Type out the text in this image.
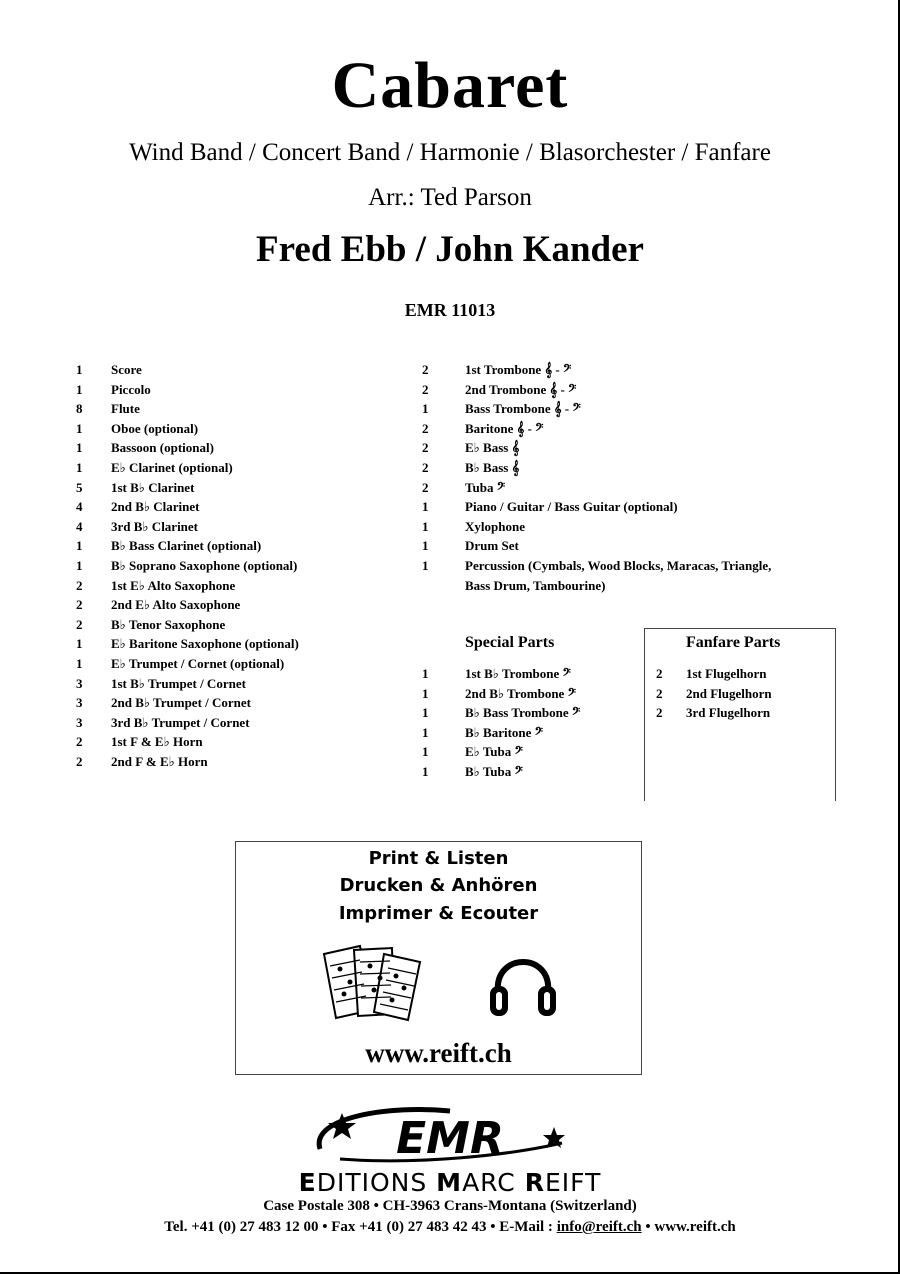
Cabaret
Wind Band / Concert Band / Harmonie / Blasorchester / Fanfare
Arr.: Ted Parson
Fred Ebb / John Kander
EMR 11013
1 Score
1 Piccolo
8 Flute
1 Oboe (optional)
1 Bassoon (optional)
1 E♭ Clarinet (optional)
5 1st B♭ Clarinet
4 2nd B♭ Clarinet
4 3rd B♭ Clarinet
1 B♭ Bass Clarinet (optional)
1 B♭ Soprano Saxophone (optional)
2 1st E♭ Alto Saxophone
2 2nd E♭ Alto Saxophone
2 B♭ Tenor Saxophone
1 E♭ Baritone Saxophone (optional)
1 E♭ Trumpet / Cornet (optional)
3 1st B♭ Trumpet / Cornet
3 2nd B♭ Trumpet / Cornet
3 3rd B♭ Trumpet / Cornet
2 1st F & E♭ Horn
2 2nd F & E♭ Horn
2	1st Trombone 𝄞 - 𝄢
2	2nd Trombone 𝄞 - 𝄢
1	Bass Trombone 𝄞 - 𝄢
2	Baritone 𝄞 - 𝄢
2	E♭ Bass 𝄞
2	B♭ Bass 𝄞
2	Tuba 𝄢
1	Piano / Guitar / Bass Guitar (optional)
1	Xylophone
1	Drum Set
1	Percussion (Cymbals, Wood Blocks, Maracas, Triangle, Bass Drum, Tambourine)
Special Parts
1	1st B♭ Trombone 𝄢
1	2nd B♭ Trombone 𝄢
1	B♭ Bass Trombone 𝄢
1	B♭ Baritone 𝄢
1	E♭ Tuba 𝄢
1	B♭ Tuba 𝄢
Fanfare Parts
2 1st Flugelhorn
2 2nd Flugelhorn
2 3rd Flugelhorn
Print & Listen
Drucken & Anhören
Imprimer & Ecouter
www.reift.ch
EMR
EDITIONS MARC REIFT
Case Postale 308 • CH-3963 Crans-Montana (Switzerland)
Tel. +41 (0) 27 483 12 00 • Fax +41 (0) 27 483 42 43 • E-Mail : info@reift.ch • www.reift.ch
